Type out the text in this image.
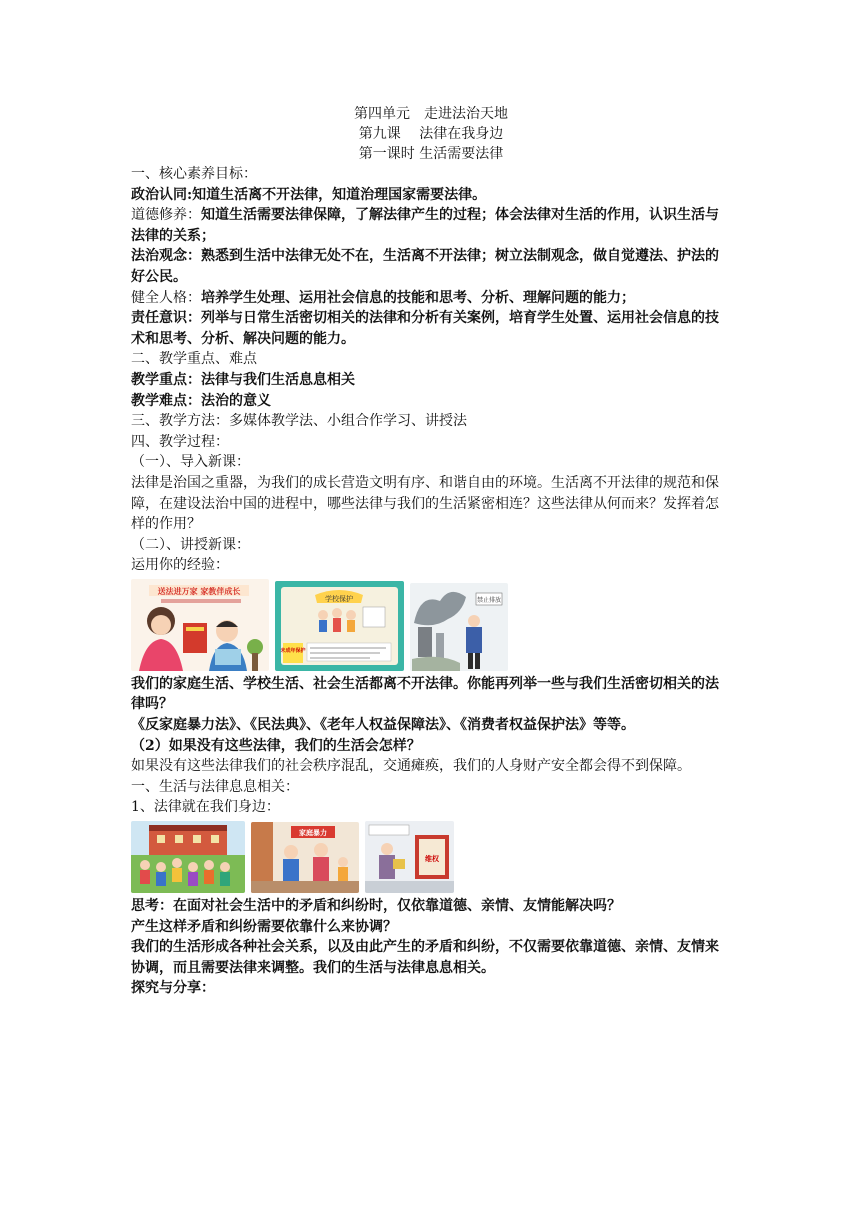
第四单元　走进法治天地

第九课　 法律在我身边

第一课时 生活需要法律

一、核心素养目标：

政治认同:知道生活离不开法律，知道治理国家需要法律。

道德修养：知道生活需要法律保障，了解法律产生的过程；体会法律对生活的作用，认识生活与法律的关系；

法治观念：熟悉到生活中法律无处不在，生活离不开法律；树立法制观念，做自觉遵法、护法的好公民。

健全人格：培养学生处理、运用社会信息的技能和思考、分析、理解问题的能力；

责任意识：列举与日常生活密切相关的法律和分析有关案例，培育学生处置、运用社会信息的技术和思考、分析、解决问题的能力。

二、教学重点、难点

教学重点：法律与我们生活息息相关

教学难点：法治的意义

三、教学方法：多媒体教学法、小组合作学习、讲授法

四、教学过程：

（一）、导入新课：

法律是治国之重器，为我们的成长营造文明有序、和谐自由的环境。生活离不开法律的规范和保障，在建设法治中国的进程中，哪些法律与我们的生活紧密相连？这些法律从何而来？发挥着怎样的作用？

（二）、讲授新课：

运用你的经验：

送法进万家 家教伴成长
学校保护
未成年保护
禁止排放

我们的家庭生活、学校生活、社会生活都离不开法律。你能再列举一些与我们生活密切相关的法律吗？

《反家庭暴力法》、《民法典》、《老年人权益保障法》、《消费者权益保护法》等等。

（2）如果没有这些法律，我们的生活会怎样？

如果没有这些法律我们的社会秩序混乱，交通瘫痪，我们的人身财产安全都会得不到保障。

一、生活与法律息息相关：

1、法律就在我们身边：

家庭暴力
维权

思考：在面对社会生活中的矛盾和纠纷时，仅依靠道德、亲情、友情能解决吗？

产生这样矛盾和纠纷需要依靠什么来协调？

我们的生活形成各种社会关系，以及由此产生的矛盾和纠纷，不仅需要依靠道德、亲情、友情来协调，而且需要法律来调整。我们的生活与法律息息相关。

探究与分享：
